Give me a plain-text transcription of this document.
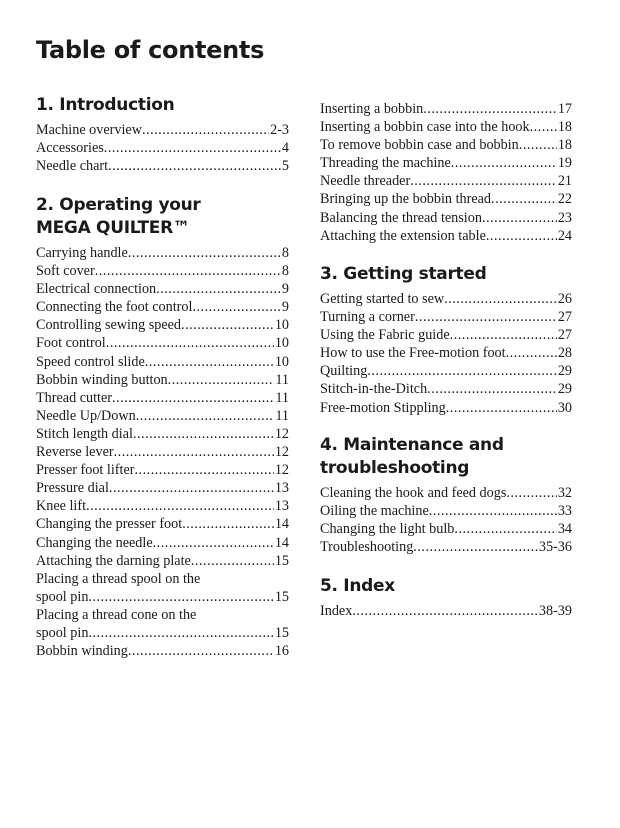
Table of contents
1. Introduction
Machine overview .....	2-3
Accessories .....	4
Needle chart .....	5
2. Operating your
MEGA QUILTER™
Carrying handle .....	8
Soft cover .....	8
Electrical connection .....	9
Connecting the foot control .....	9
Controlling sewing speed .....	10
Foot control .....	10
Speed control slide .....	10
Bobbin winding button .....	11
Thread cutter .....	11
Needle Up/Down .....	11
Stitch length dial .....	12
Reverse lever .....	12
Presser foot lifter .....	12
Pressure dial .....	13
Knee lift .....	13
Changing the presser foot .....	14
Changing the needle .....	14
Attaching the darning plate .....	15
Placing a thread spool on the
spool pin .....	15
Placing a thread cone on the
spool pin .....	15
Bobbin winding .....	16
Inserting a bobbin .....	17
Inserting a bobbin case into the hook ..... 18
To remove bobbin case and bobbin .....	18
Threading the machine .....	19
Needle threader .....	21
Bringing up the bobbin thread .....	22
Balancing the thread tension .....	23
Attaching the extension table .....	24
3. Getting started
Getting started to sew .....	26
Turning a corner .....	27
Using the Fabric guide .....	27
How to use the Free-motion foot .....	28
Quilting .....	29
Stitch-in-the-Ditch .....	29
Free-motion Stippling .....	30
4. Maintenance and
troubleshooting
Cleaning the hook and feed dogs .....	32
Oiling the machine .....	33
Changing the light bulb .....	34
Troubleshooting .....	35-36
5. Index
Index .....	38-39
